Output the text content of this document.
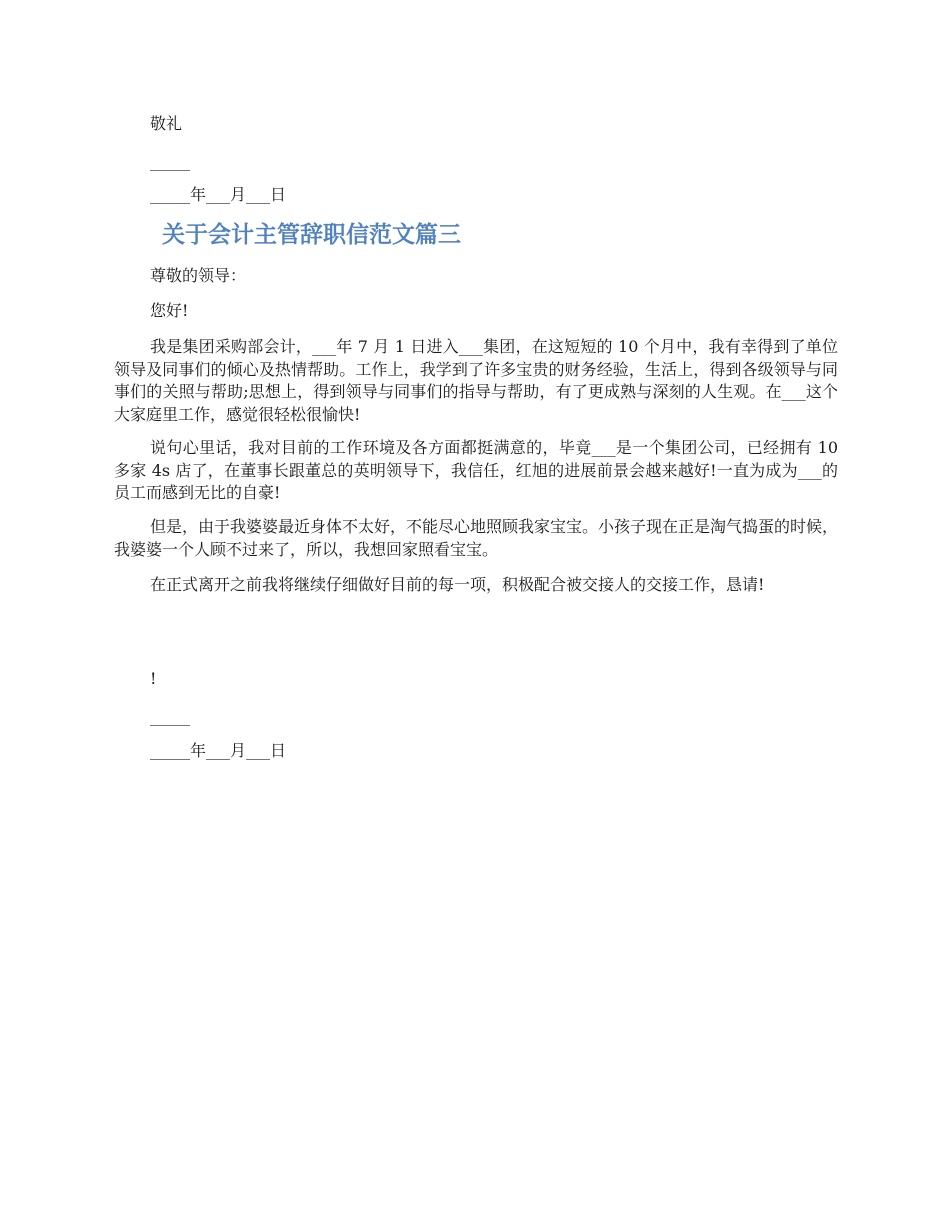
敬礼
_____
_____年___月___日
关于会计主管辞职信范文篇三
尊敬的领导：
您好!

我是集团采购部会计，___年 7 月 1 日进入___集团，在这短短的 10 个月中，我有幸得到了单位领导及同事们的倾心及热情帮助。工作上，我学到了许多宝贵的财务经验，生活上，得到各级领导与同事们的关照与帮助;思想上，得到领导与同事们的指导与帮助，有了更成熟与深刻的人生观。在___这个大家庭里工作，感觉很轻松很愉快!

说句心里话，我对目前的工作环境及各方面都挺满意的，毕竟___是一个集团公司，已经拥有 10 多家 4s 店了，在董事长跟董总的英明领导下，我信任，红旭的进展前景会越来越好!一直为成为___的员工而感到无比的自豪!

但是，由于我婆婆最近身体不太好，不能尽心地照顾我家宝宝。小孩子现在正是淘气捣蛋的时候，我婆婆一个人顾不过来了，所以，我想回家照看宝宝。

在正式离开之前我将继续仔细做好目前的每一项，积极配合被交接人的交接工作，恳请!

!
_____
_____年___月___日
